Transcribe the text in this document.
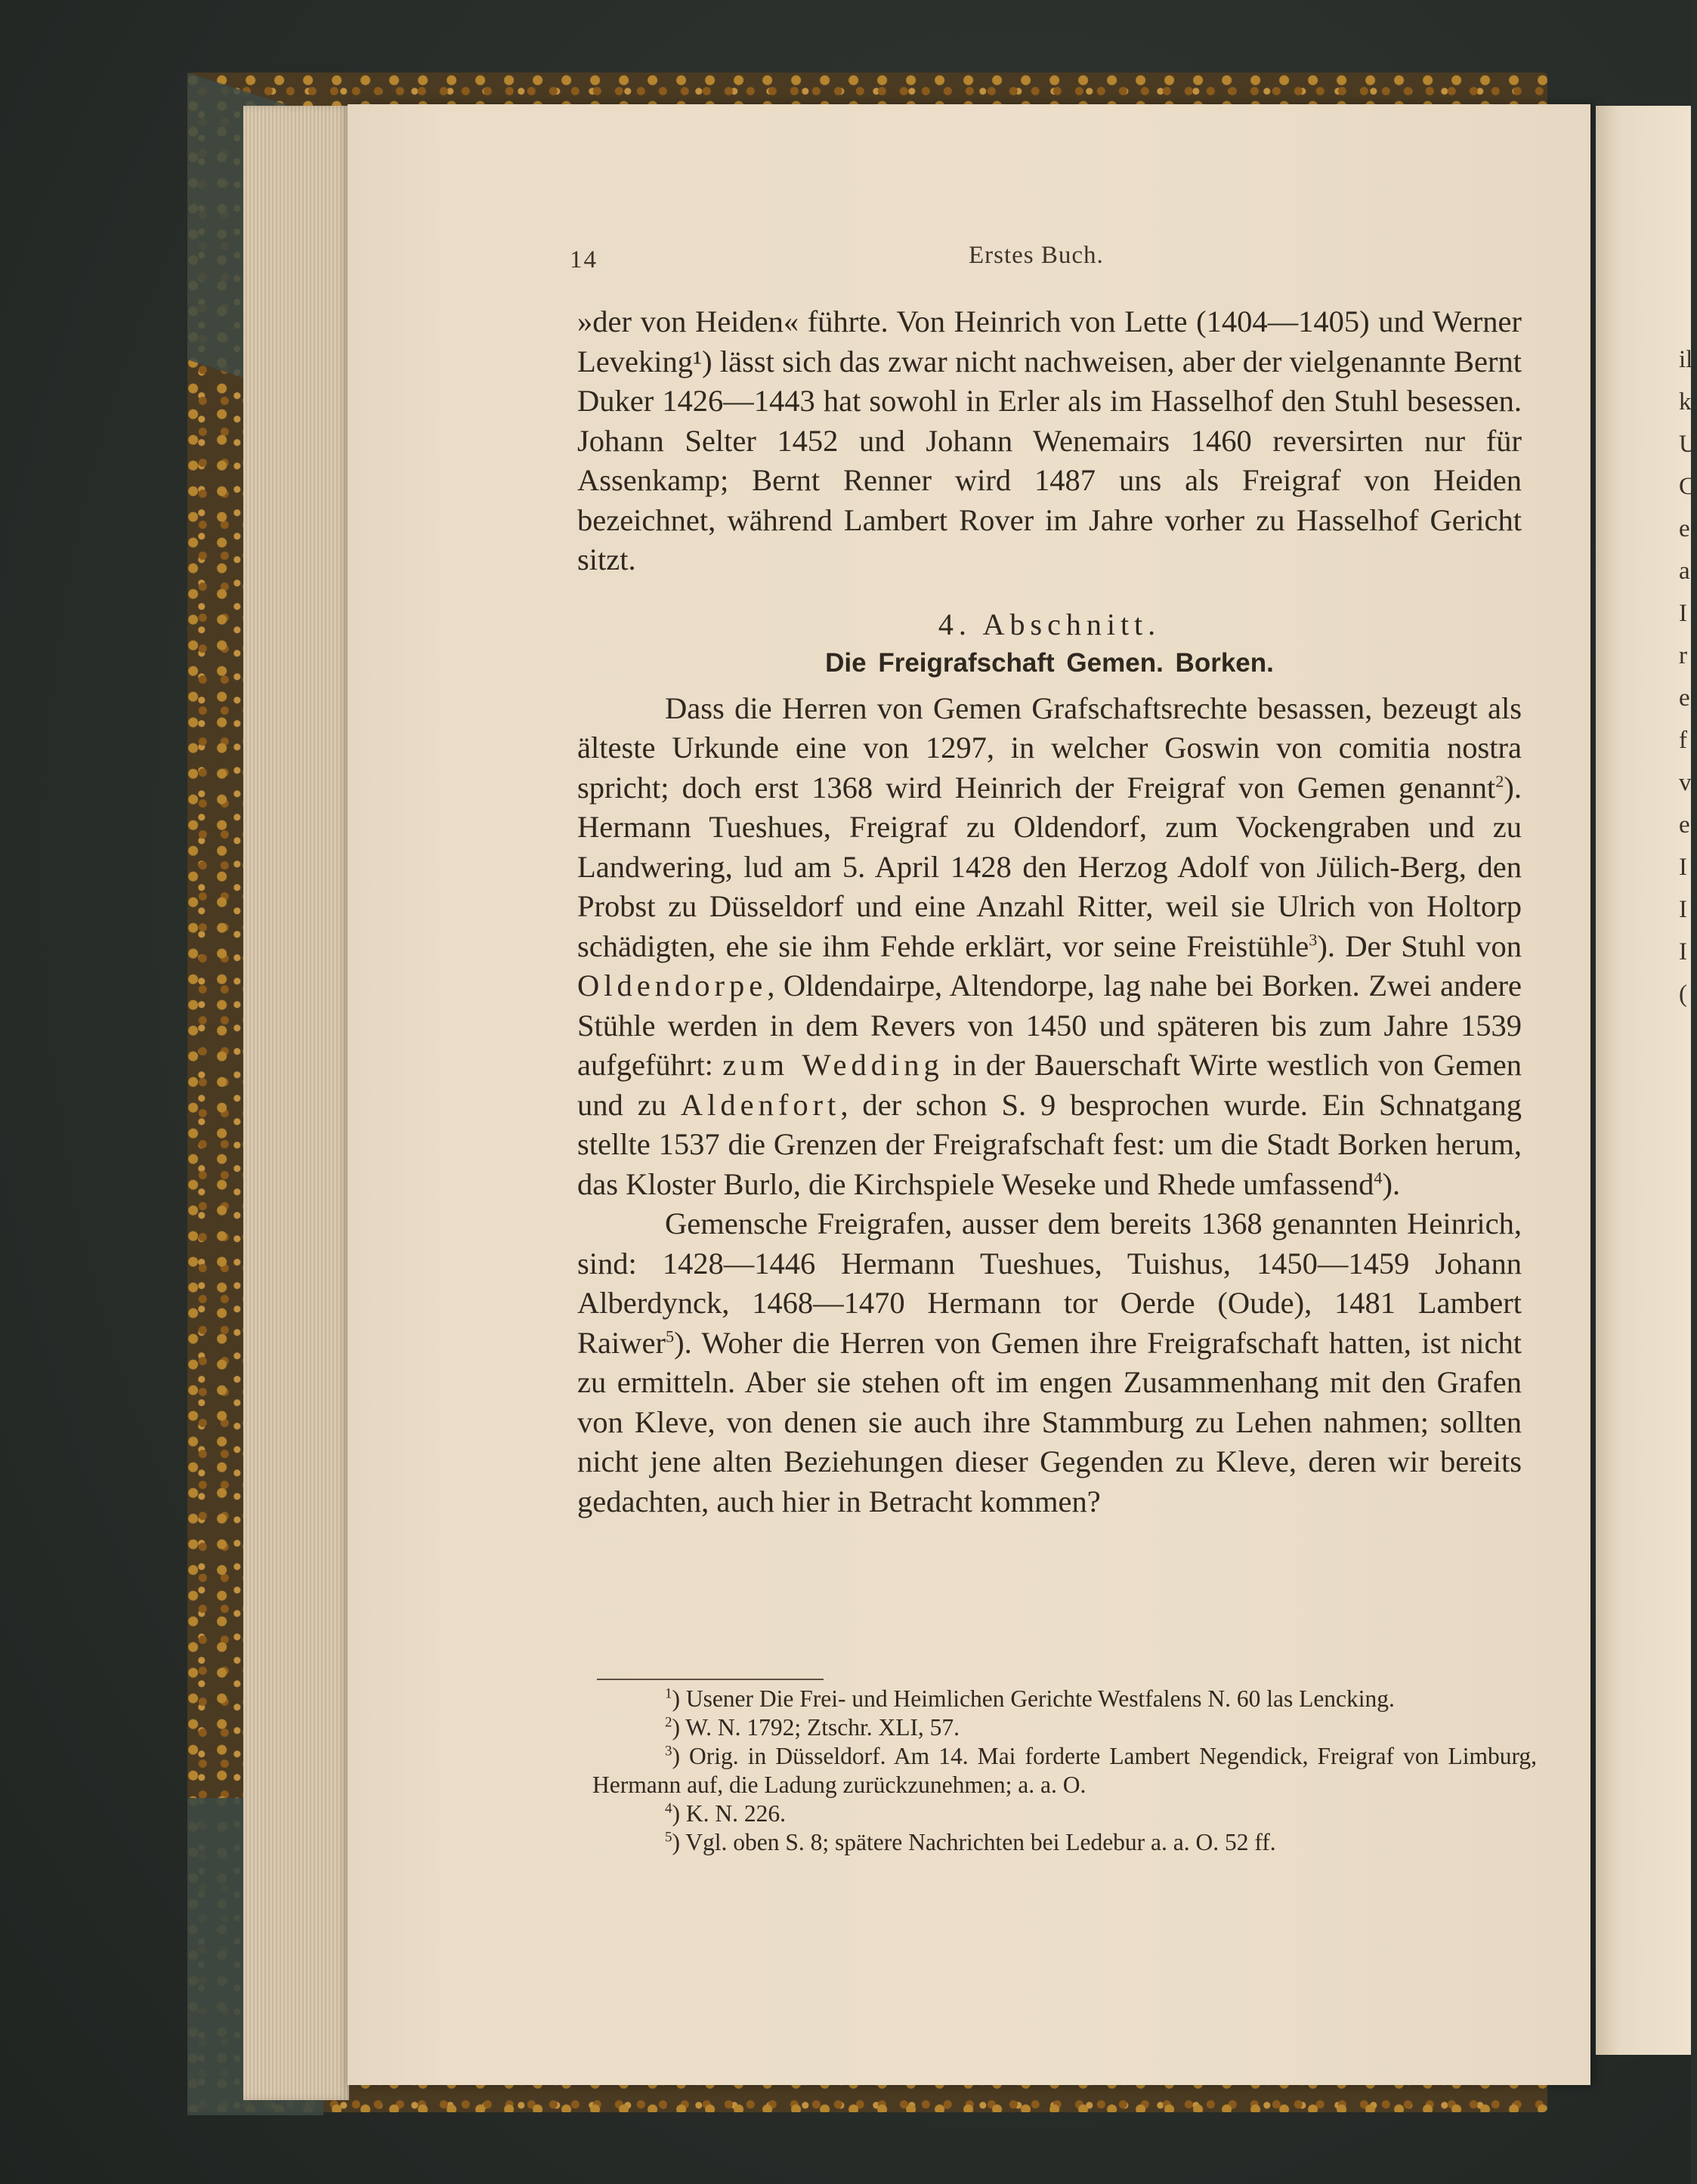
il
k
U
C
e
a
I
r
e
f
v
e
I
I
I
(
14	Erstes Buch.

»der von Heiden« führte. Von Heinrich von Lette (1404—1405) und Werner Leveking¹) lässt sich das zwar nicht nachweisen, aber der vielgenannte Bernt Duker 1426—1443 hat sowohl in Erler als im Hasselhof den Stuhl besessen. Johann Selter 1452 und Johann Wenemairs 1460 reversirten nur für Assenkamp; Bernt Renner wird 1487 uns als Freigraf von Heiden bezeichnet, während Lambert Rover im Jahre vorher zu Hasselhof Gericht sitzt.

4. Abschnitt.

Die Freigrafschaft Gemen. Borken.

Dass die Herren von Gemen Grafschaftsrechte besassen, bezeugt als älteste Urkunde eine von 1297, in welcher Goswin von comitia nostra spricht; doch erst 1368 wird Heinrich der Freigraf von Gemen genannt$^2$). Hermann Tueshues, Freigraf zu Oldendorf, zum Vockengraben und zu Landwering, lud am 5. April 1428 den Herzog Adolf von Jülich-Berg, den Probst zu Düsseldorf und eine Anzahl Ritter, weil sie Ulrich von Holtorp schädigten, ehe sie ihm Fehde erklärt, vor seine Freistühle$^3$). Der Stuhl von Oldendorpe, Oldendairpe, Altendorpe, lag nahe bei Borken. Zwei andere Stühle werden in dem Revers von 1450 und späteren bis zum Jahre 1539 aufgeführt: zum Wedding in der Bauerschaft Wirte westlich von Gemen und zu Aldenfort, der schon S. 9 besprochen wurde. Ein Schnatgang stellte 1537 die Grenzen der Freigrafschaft fest: um die Stadt Borken herum, das Kloster Burlo, die Kirchspiele Weseke und Rhede umfassend$^4$).

Gemensche Freigrafen, ausser dem bereits 1368 genannten Heinrich, sind: 1428—1446 Hermann Tueshues, Tuishus, 1450—1459 Johann Alberdynck, 1468—1470 Hermann tor Oerde (Oude), 1481 Lambert Raiwer$^5$). Woher die Herren von Gemen ihre Freigrafschaft hatten, ist nicht zu ermitteln. Aber sie stehen oft im engen Zusammenhang mit den Grafen von Kleve, von denen sie auch ihre Stammburg zu Lehen nahmen; sollten nicht jene alten Beziehungen dieser Gegenden zu Kleve, deren wir bereits gedachten, auch hier in Betracht kommen?

$^1$) Usener Die Frei- und Heimlichen Gerichte Westfalens N. 60 las Lencking.

$^2$) W. N. 1792; Ztschr. XLI, 57.

$^3$) Orig. in Düsseldorf. Am 14. Mai forderte Lambert Negendick, Freigraf von Limburg, Hermann auf, die Ladung zurückzunehmen; a. a. O.

$^4$) K. N. 226.

$^5$) Vgl. oben S. 8; spätere Nachrichten bei Ledebur a. a. O. 52 ff.
